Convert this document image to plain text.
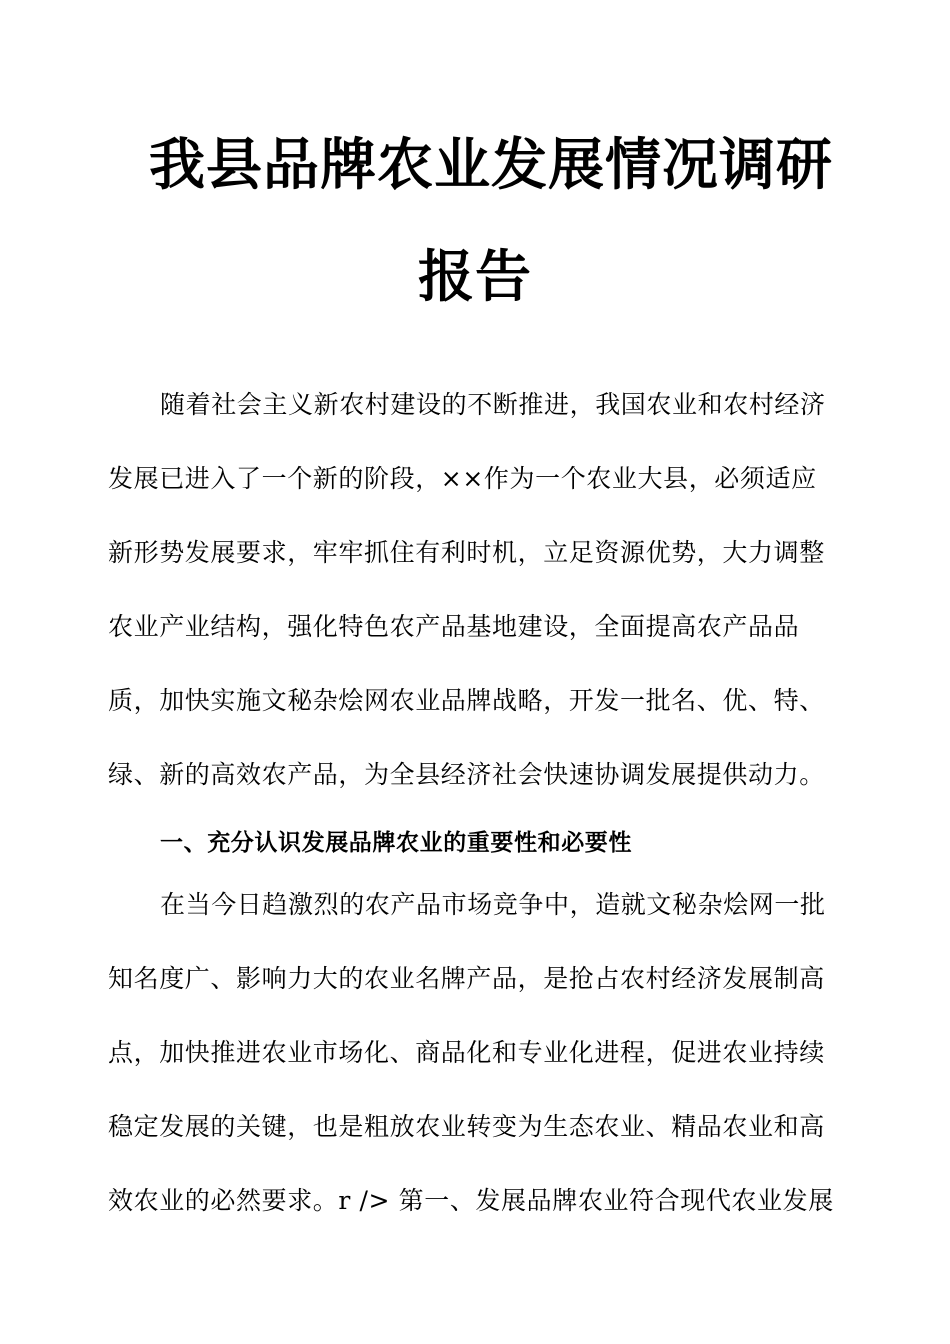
我县品牌农业发展情况调研
报告
随着社会主义新农村建设的不断推进，我国农业和农村经济
发展已进入了一个新的阶段，××作为一个农业大县，必须适应
新形势发展要求，牢牢抓住有利时机，立足资源优势，大力调整
农业产业结构，强化特色农产品基地建设，全面提高农产品品
质，加快实施文秘杂烩网农业品牌战略，开发一批名、优、特、
绿、新的高效农产品，为全县经济社会快速协调发展提供动力。
一、充分认识发展品牌农业的重要性和必要性
在当今日趋激烈的农产品市场竞争中，造就文秘杂烩网一批
知名度广、影响力大的农业名牌产品，是抢占农村经济发展制高
点，加快推进农业市场化、商品化和专业化进程，促进农业持续
稳定发展的关键，也是粗放农业转变为生态农业、精品农业和高
效农业的必然要求。r /> 第一、发展品牌农业符合现代农业发展
